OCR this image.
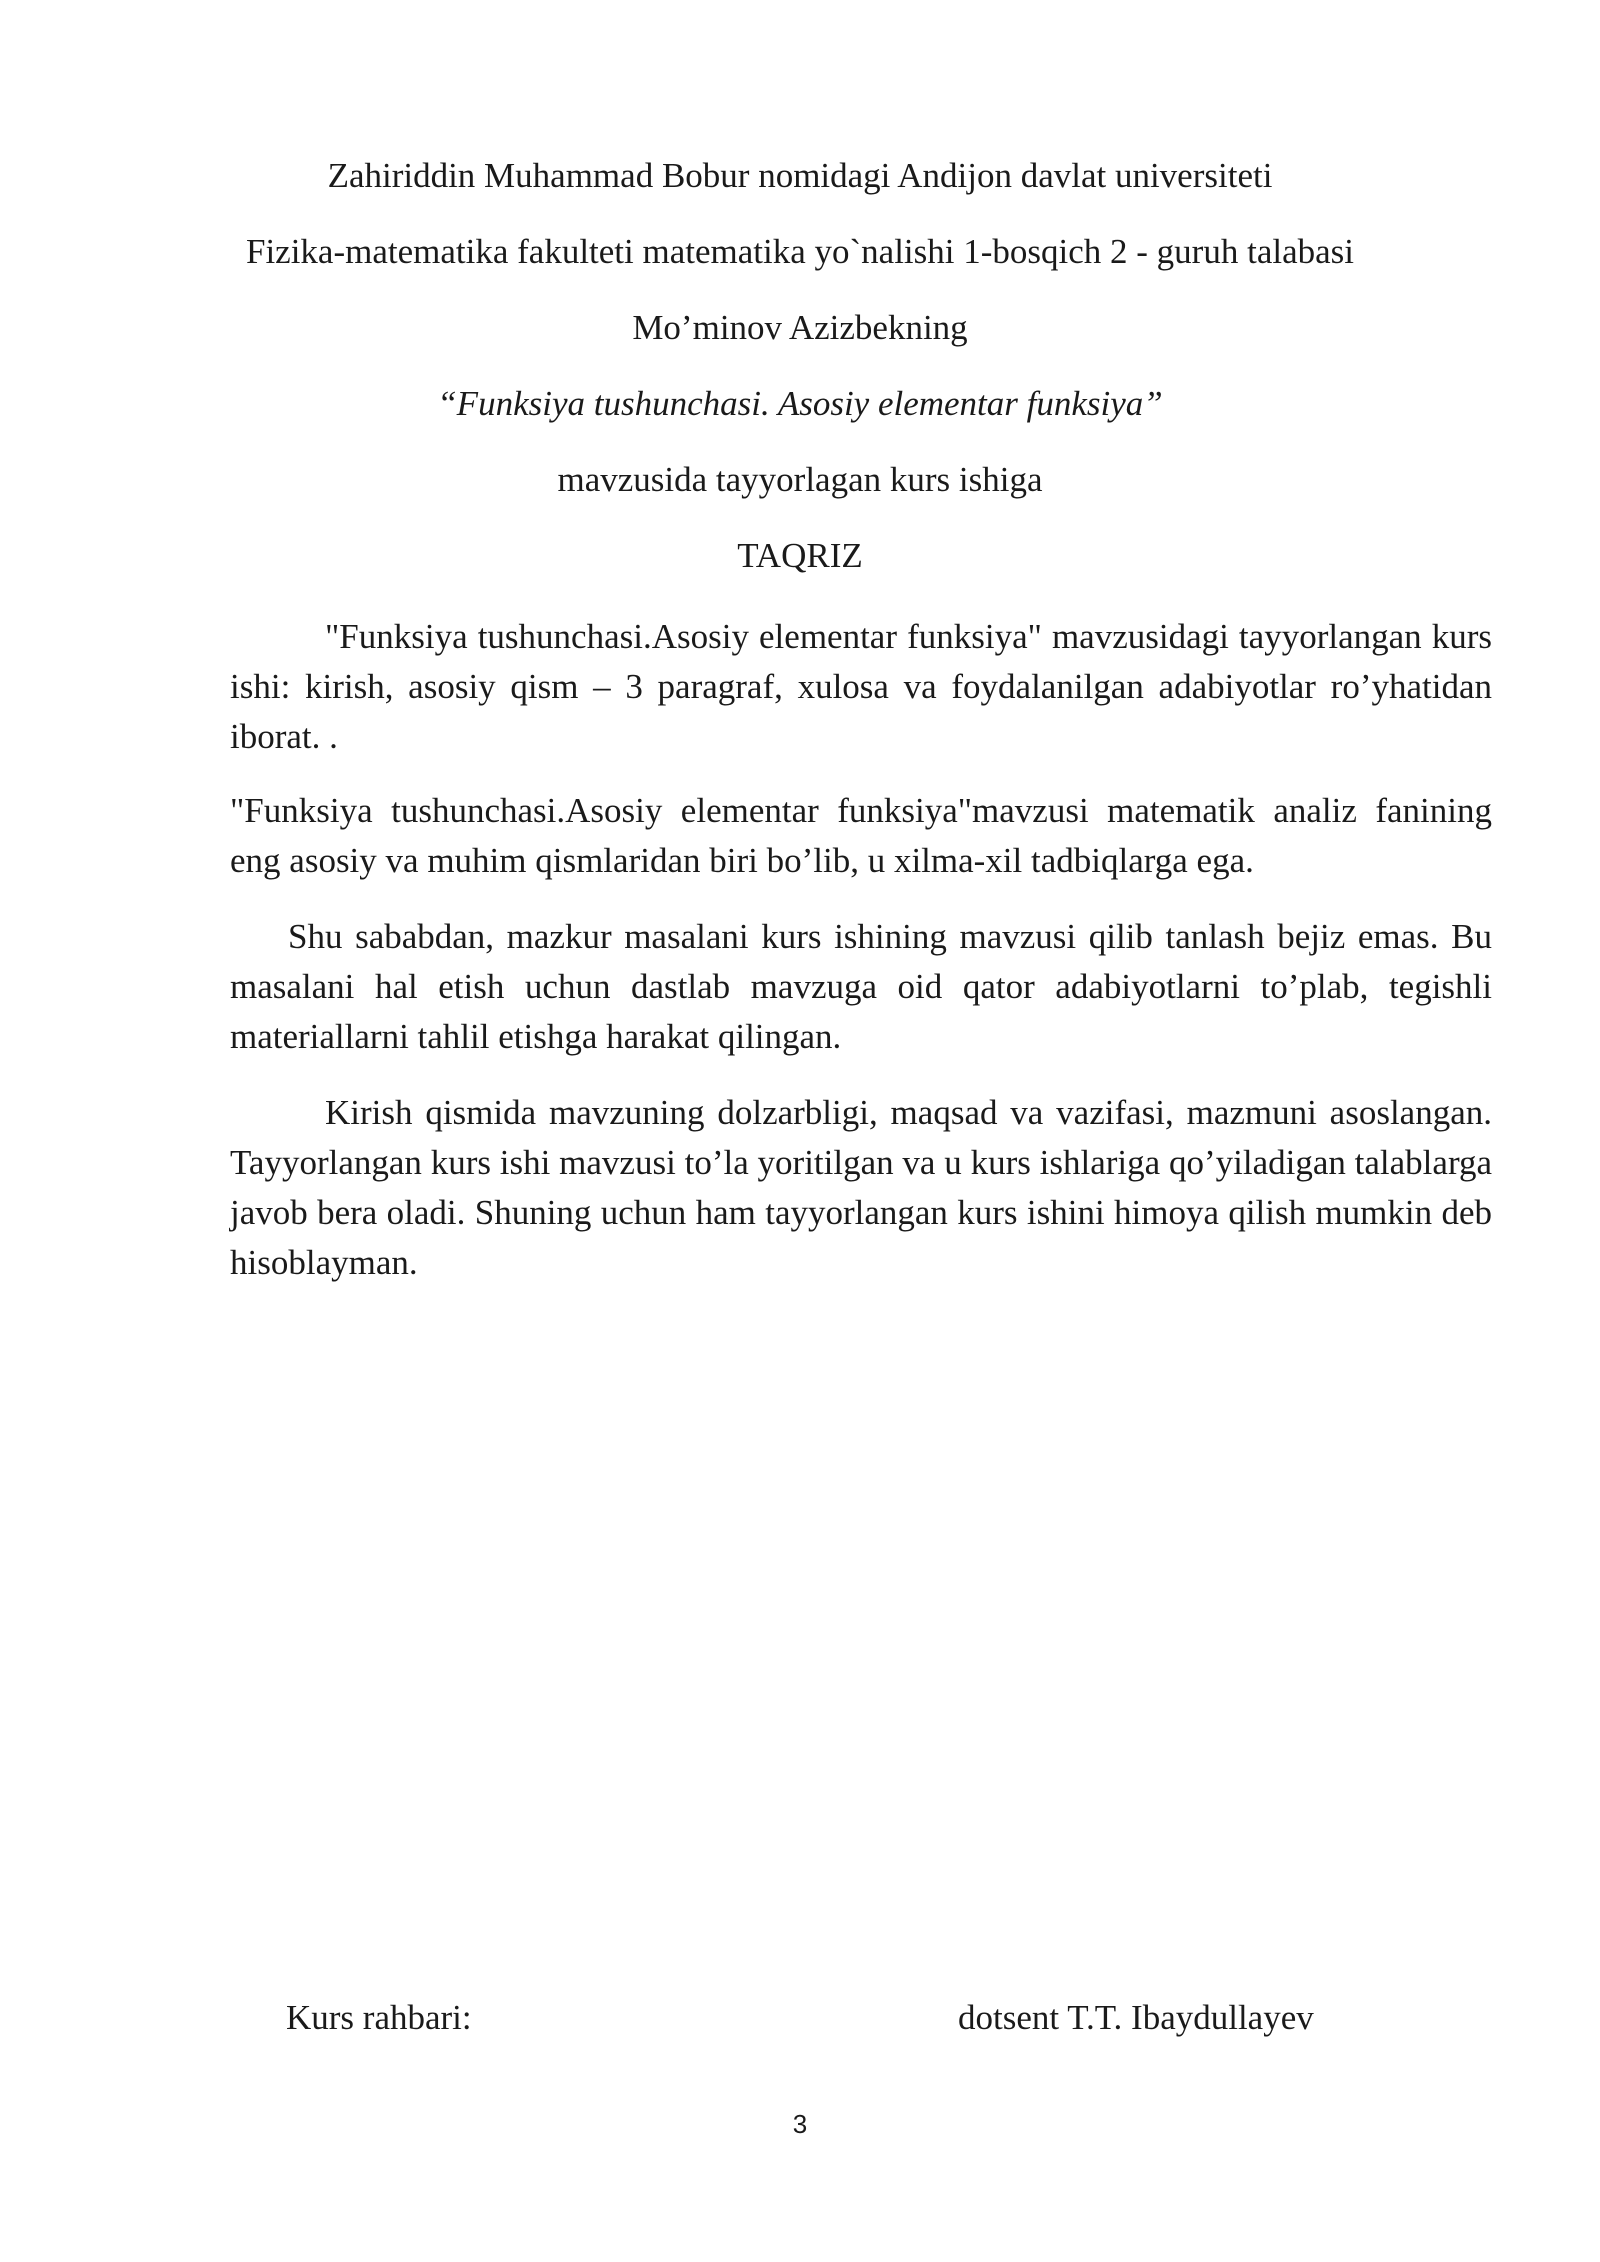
Zahiriddin Muhammad Bobur nomidagi Andijon davlat universiteti
Fizika-matematika fakulteti matematika yo`nalishi 1-bosqich 2 - guruh talabasi
Mo’minov Azizbekning
“Funksiya tushunchasi. Asosiy elementar funksiya”
mavzusida tayyorlagan kurs ishiga
TAQRIZ

"Funksiya tushunchasi.Asosiy elementar funksiya" mavzusidagi tayyorlangan kurs ishi: kirish, asosiy qism – 3 paragraf, xulosa va foydalanilgan adabiyotlar ro’yhatidan iborat. .

"Funksiya tushunchasi.Asosiy elementar funksiya"mavzusi matematik analiz fanining eng asosiy va muhim qismlaridan biri bo’lib, u xilma-xil tadbiqlarga ega.

Shu sababdan, mazkur masalani kurs ishining mavzusi qilib tanlash bejiz emas. Bu masalani hal etish uchun dastlab mavzuga oid qator adabiyotlarni to’plab, tegishli materiallarni tahlil etishga harakat qilingan.

Kirish qismida mavzuning dolzarbligi, maqsad va vazifasi, mazmuni asoslangan. Tayyorlangan kurs ishi mavzusi to’la yoritilgan va u kurs ishlariga qo’yiladigan talablarga javob bera oladi. Shuning uchun ham tayyorlangan kurs ishini himoya qilish mumkin deb hisoblayman.

Kurs rahbari:	dotsent T.T. Ibaydullayev
3
